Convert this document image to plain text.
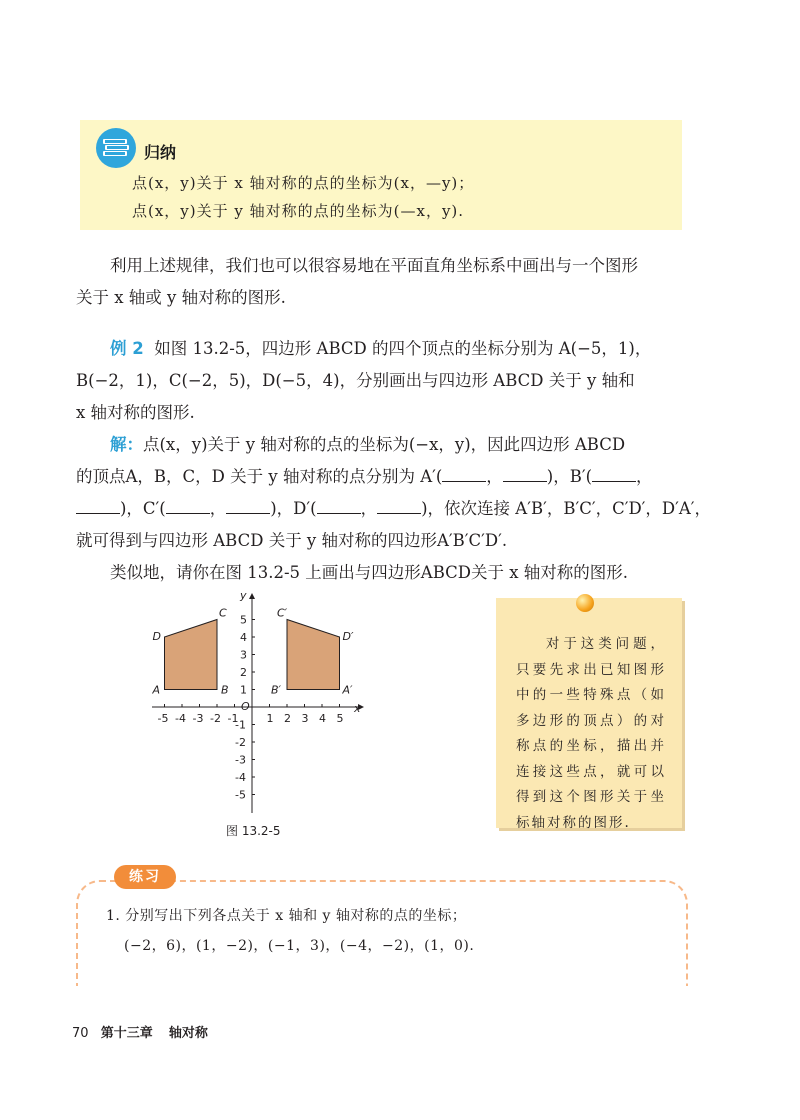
归纳
点(x，y)关于 x 轴对称的点的坐标为(x，—y)；
点(x，y)关于 y 轴对称的点的坐标为(—x，y).
利用上述规律，我们也可以很容易地在平面直角坐标系中画出与一个图形
关于 x 轴或 y 轴对称的图形.
例 2 如图 13.2-5，四边形 ABCD 的四个顶点的坐标分别为 A(−5，1)，
B(−2，1)，C(−2，5)，D(−5，4)，分别画出与四边形 ABCD 关于 y 轴和
x 轴对称的图形.
解：点(x，y)关于 y 轴对称的点的坐标为(−x，y)，因此四边形 ABCD
的顶点A，B，C，D 关于 y 轴对称的点分别为 A′(	，	)，B′(	，
)，C′(	，	)，D′(	，	)，依次连接 A′B′，B′C′，C′D′，D′A′，
就可得到与四边形 ABCD 关于 y 轴对称的四边形A′B′C′D′.
类似地，请你在图 13.2-5 上画出与四边形ABCD关于 x 轴对称的图形.
x
y
O
-5 -4 -3 -2 -1	1 2 3 4 5
5
4
3
2
1
-1
-2
-3
-4
-5
A	B
C
D
A′
B′
C′
D′
图 13.2-5
对于这类问题，只要先求出已知图形中的一些特殊点（如多边形的顶点）的对称点的坐标，描出并连接这些点，就可以得到这个图形关于坐标轴对称的图形.
练习
1. 分别写出下列各点关于 x 轴和 y 轴对称的点的坐标；
(−2，6)，(1，−2)，(−1，3)，(−4，−2)，(1，0).
70 第十三章 轴对称
